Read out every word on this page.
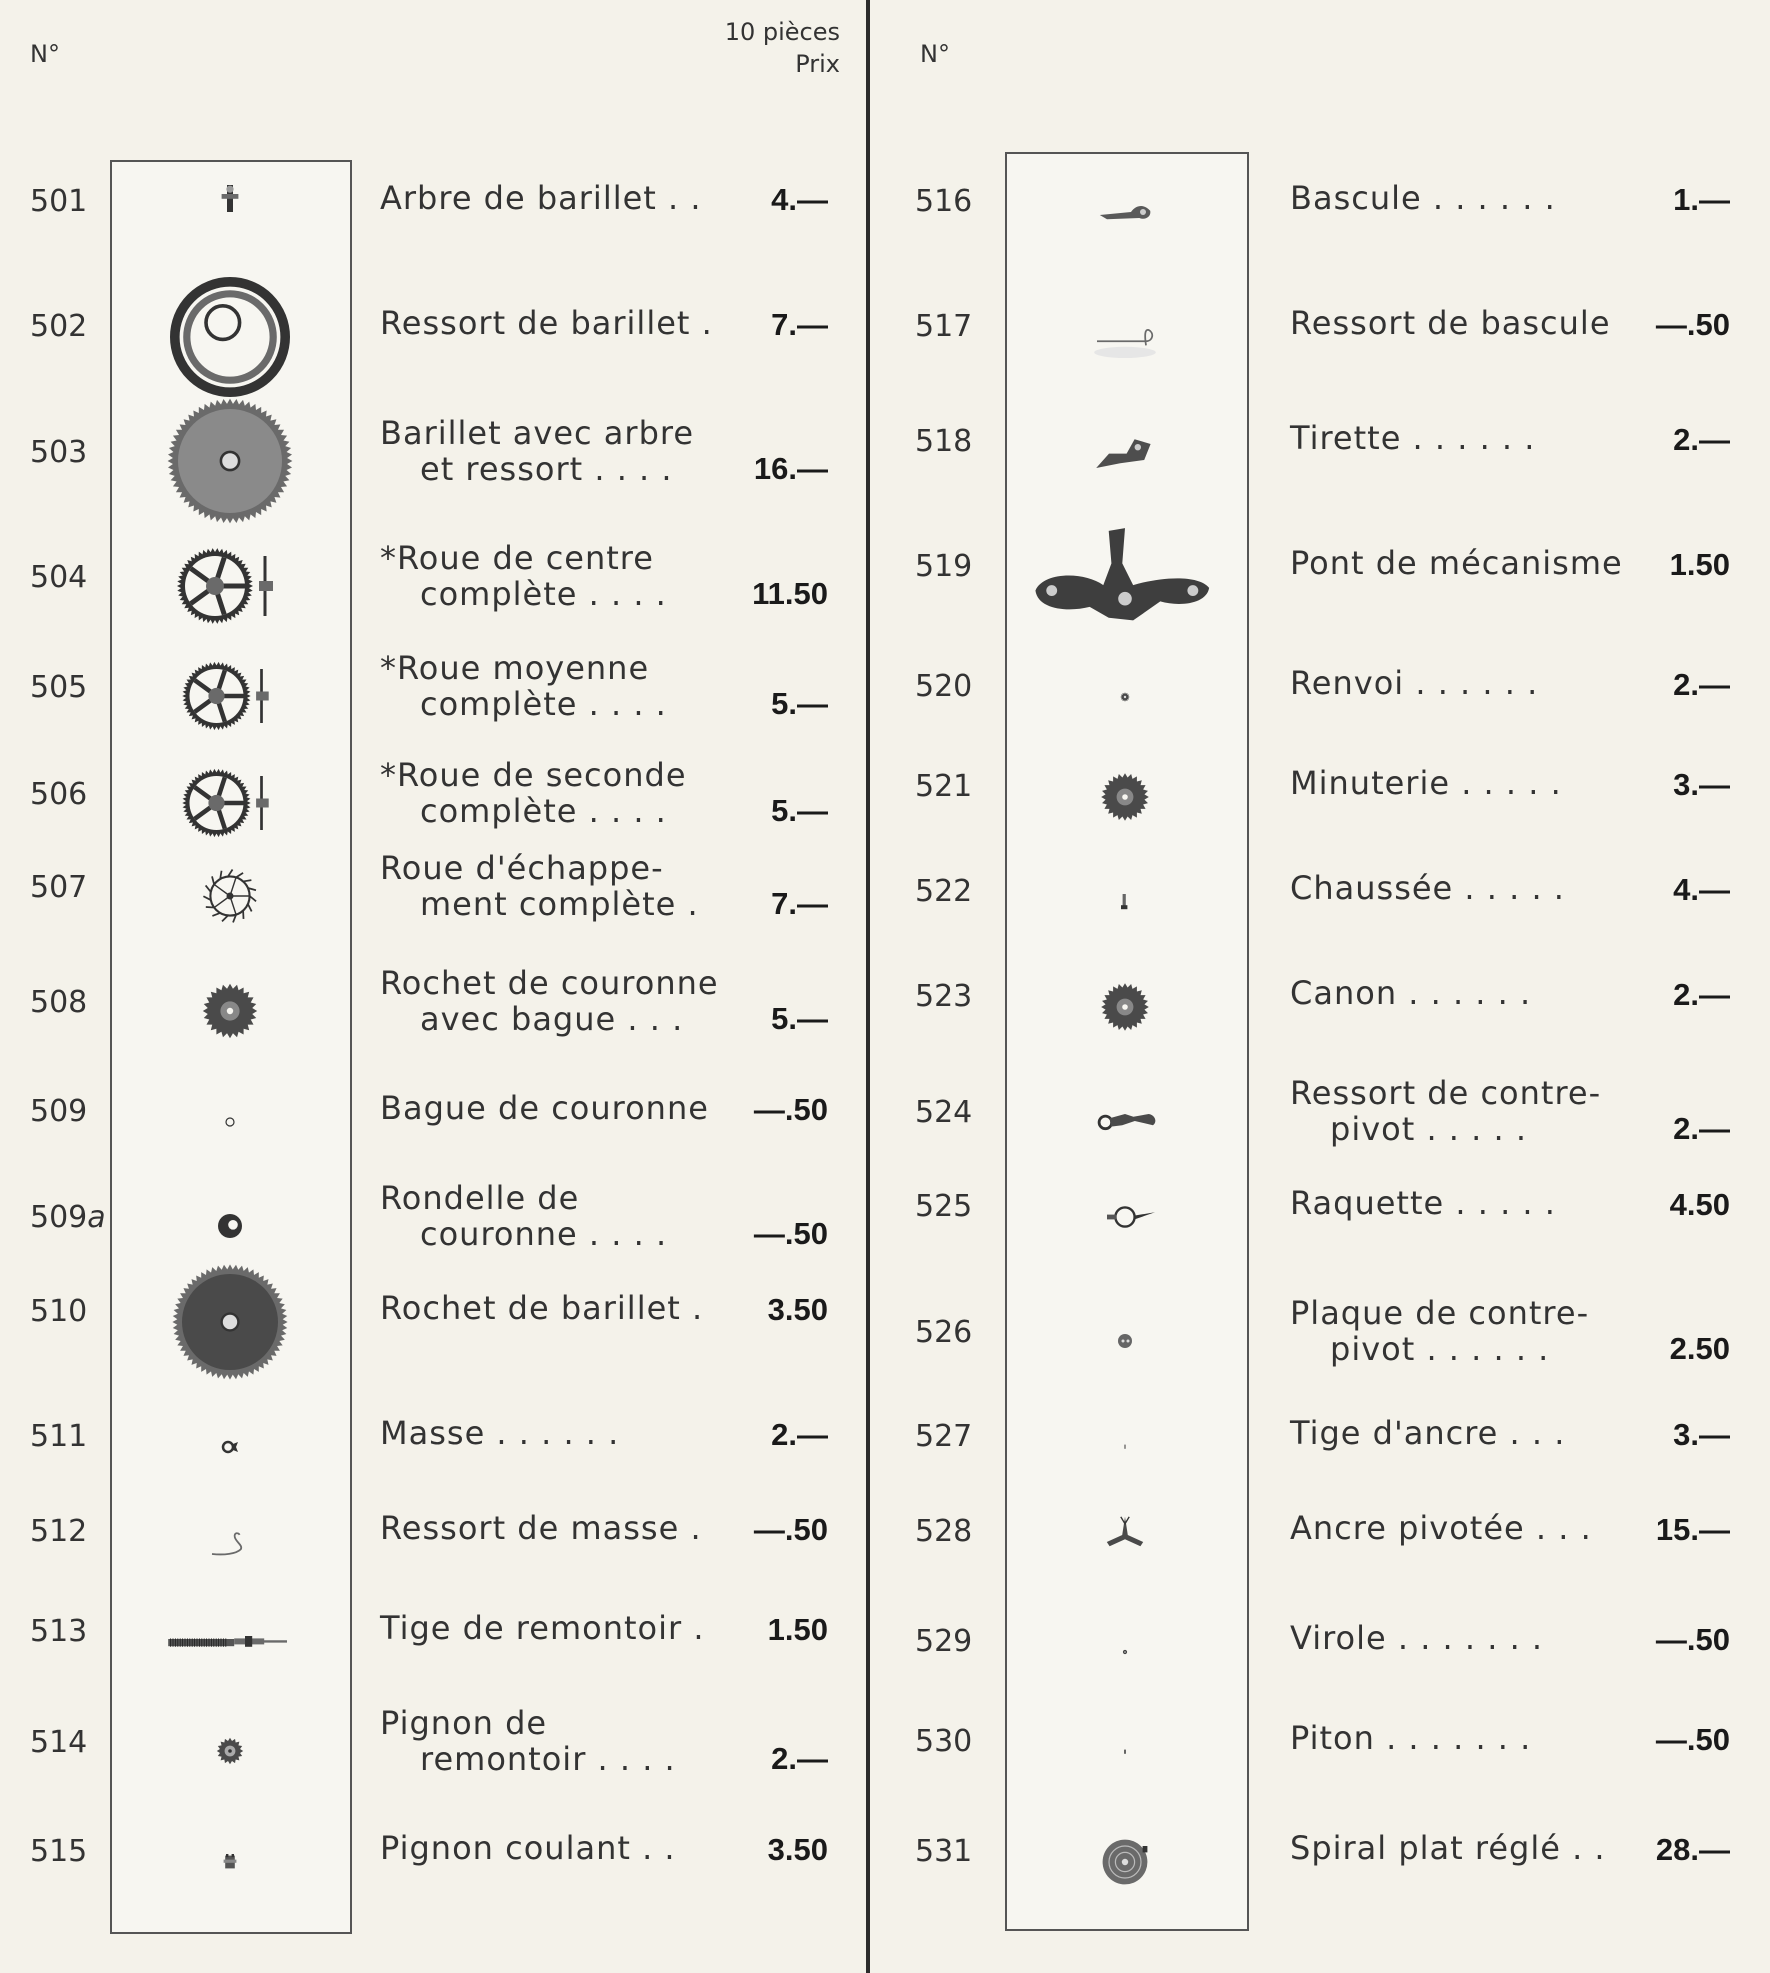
N°
10 pièces
Prix
501	Arbre de barillet . . 4.—
502	Ressort de barillet . 7.—
503
Barillet avec arbre
et ressort . . . .	16.—
504
*Roue de centre
complète . . . .	11.50
505
*Roue moyenne
complète . . . .	5.—
506
*Roue de seconde
complète . . . .	5.—
507
Roue d'échappe-
ment complète . 7.—
508
Rochet de couronne
avec bague . . .	5.—
509	Bague de couronne —.50
509a
Rondelle de
couronne . . . .	—.50
510	Rochet de barillet . 3.50
511	Masse . . . . . .	2.—
512	Ressort de masse . —.50
513	Tige de remontoir . 1.50
514
Pignon de
remontoir . . . .	2.—
515	Pignon coulant . .	3.50
N°
516	Bascule . . . . . .	1.—
517	Ressort de bascule —.50
518	Tirette . . . . . .	2.—
519	Pont de mécanisme 1.50
520	Renvoi . . . . . .	2.—
521	Minuterie . . . . .	3.—
522	Chaussée . . . . .	4.—
523	Canon . . . . . .	2.—
524
Ressort de contre-
pivot . . . . .	2.—
525	Raquette . . . . .	4.50
526
Plaque de contre-
pivot . . . . . .	2.50
527	Tige d'ancre . . .	3.—
528	Ancre pivotée . . . 15.—
529	Virole . . . . . . .	—.50
530	Piton . . . . . . .	—.50
531	Spiral plat réglé . . 28.—
